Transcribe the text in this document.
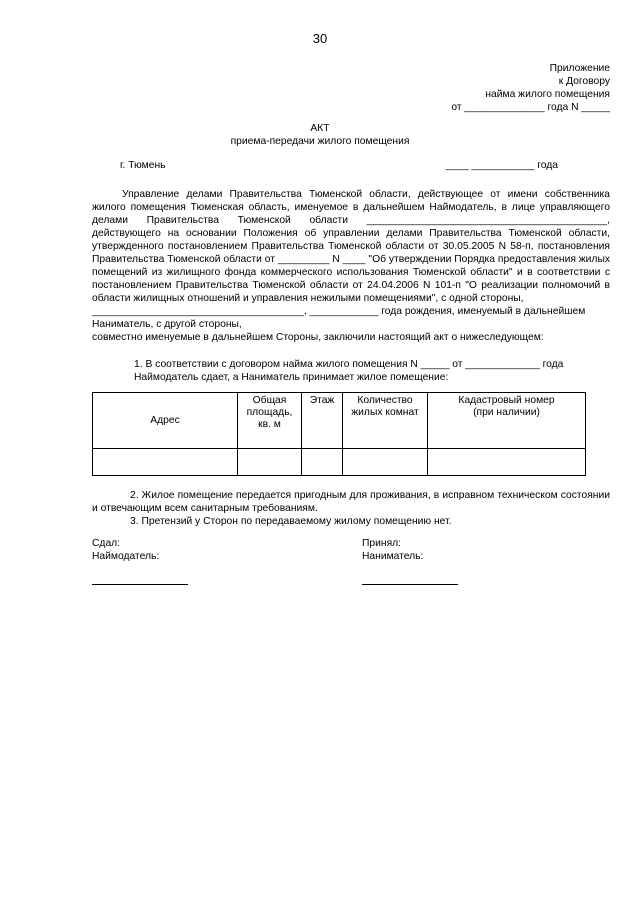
30
Приложение
к Договору
найма жилого помещения
от ______________ года N _____
АКТ
приема-передачи жилого помещения
г. Тюмень	____ ___________ года

Управление делами Правительства Тюменской области, действующее от имени собственника жилого помещения Тюменская область, именуемое в дальнейшем Наймодатель, в лице управляющего делами Правительства Тюменской области __________________________________________, действующего на основании Положения об управлении делами Правительства Тюменской области, утвержденного постановлением Правительства Тюменской области от 30.05.2005 N 58-п, постановления Правительства Тюменской области от _________ N ____ "Об утверждении Порядка предоставления жилых помещений из жилищного фонда коммерческого использования Тюменской области" и в соответствии с постановлением Правительства Тюменской области от 24.04.2006 N 101-п "О реализации полномочий в области жилищных отношений и управления нежилыми помещениями", с одной стороны,

_____________________________________, ____________ года рождения, именуемый в дальнейшем

Наниматель, с другой стороны,

совместно именуемые в дальнейшем Стороны, заключили настоящий акт о нижеследующем:

1. В соответствии с договором найма жилого помещения N _____ от _____________ года
Наймодатель сдает, а Наниматель принимает жилое помещение:
Адрес	Общая
площадь,
кв. м	Этаж	Количество
жилых комнат	Кадастровый номер
(при наличии)

2. Жилое помещение передается пригодным для проживания, в исправном техническом состоянии и отвечающим всем санитарным требованиям.

3. Претензий у Сторон по передаваемому жилому помещению нет.

Сдал:
Наймодатель:
Принял:
Наниматель:
